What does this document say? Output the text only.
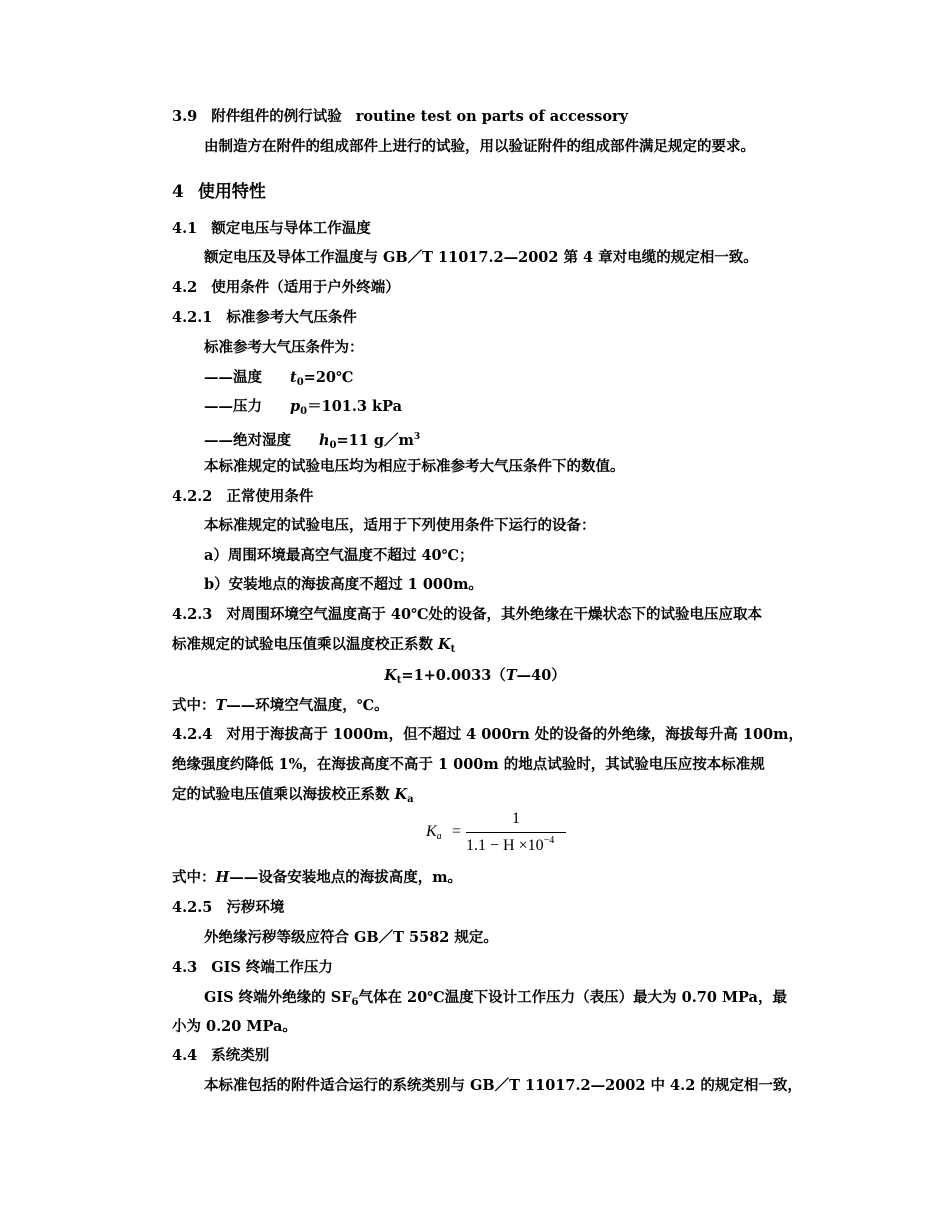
3.9 附件组件的例行试验 routine test on parts of accessory
由制造方在附件的组成部件上进行的试验，用以验证附件的组成部件满足规定的要求。
4 使用特性
4.1 额定电压与导体工作温度
额定电压及导体工作温度与 GB／T 11017.2—2002 第 4 章对电缆的规定相一致。
4.2 使用条件（适用于户外终端）
4.2.1 标准参考大气压条件
标准参考大气压条件为：
——温度 $t_0=20℃$
——压力 $p_0=101.3$ kPa
——绝对湿度 $h_0=11$ $g/m^3$
本标准规定的试验电压均为相应于标准参考大气压条件下的数值。
4.2.2 正常使用条件
本标准规定的试验电压，适用于下列使用条件下运行的设备：
a）周围环境最高空气温度不超过 40℃；
b）安装地点的海拔高度不超过 1 000m。
4.2.3 对周围环境空气温度高于 40℃处的设备，其外绝缘在干燥状态下的试验电压应取本
标准规定的试验电压值乘以温度校正系数 $K_t$
$K_t=1+0.0033(T—40)$
式中：T——环境空气温度，℃。
4.2.4 对用于海拔高于 1000m，但不超过 4 000rn 处的设备的外绝缘，海拔每升高 100m，
绝缘强度约降低 1%，在海拔高度不高于 1 000m 的地点试验时，其试验电压应按本标准规
定的试验电压值乘以海拔校正系数 $K_a$
$K_a$ =
1
$1.1 - H \times 10^{-4}$
式中：H——设备安装地点的海拔高度，m。
4.2.5 污秽环境
外绝缘污秽等级应符合 GB／T 5582 规定。
4.3 GIS 终端工作压力
GIS 终端外绝缘的 $SF_6$气体在 20℃温度下设计工作压力（表压）最大为 0.70 MPa，最
小为 0.20 MPa。
4.4 系统类别
本标准包括的附件适合运行的系统类别与 GB／T 11017.2—2002 中 4.2 的规定相一致，
